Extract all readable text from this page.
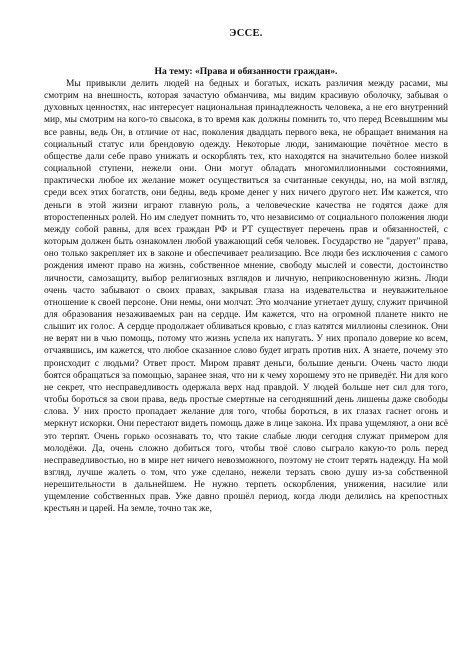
ЭССЕ.
На тему: «Права и обязанности граждан».

Мы привыкли делить людей на бедных и богатых, искать различия между расами, мы смотрим на внешность, которая зачастую обманчива, мы видим красивую оболочку, забывая о духовных ценностях, нас интересует национальная принадлежность человека, а не его внутренний мир, мы смотрим на кого-то свысока, в то время как должны помнить то, что перед Всевышним мы все равны, ведь Он, в отличие от нас, поколения двадцать первого века, не обращает внимания на социальный статус или брендовую одежду. Некоторые люди, занимающие почётное место в обществе дали себе право унижать и оскорблять тех, кто находятся на значительно более низкой социальной ступени, нежели они. Они могут обладать многомиллионными состояниями, практически любое их желание может осуществиться за считанные секунды, но, на мой взгляд, среди всех этих богатств, они бедны, ведь кроме денег у них ничего другого нет. Им кажется, что деньги в этой жизни играют главную роль, а человеческие качества не годятся даже для второстепенных ролей. Но им следует помнить то, что независимо от социального положения люди между собой равны, для всех граждан РФ и РТ существует перечень прав и обязанностей, с которым должен быть ознакомлен любой уважающий себя человек. Государство не "дарует" права, оно только закрепляет их в законе и обеспечивает реализацию. Все люди без исключения с самого рождения имеют право на жизнь, собственное мнение, свободу мыслей и совести, достоинство личности, самозащиту, выбор религиозных взглядов и личную, неприкосновенную жизнь. Люди очень часто забывают о своих правах, закрывая глаза на издевательства и неуважительное отношение к своей персоне. Они немы, они молчат. Это молчание угнетает душу, служит причиной для образования незаживаемых ран на сердце. Им кажется, что на огромной планете никто не слышит их голос. А сердце продолжает обливаться кровью, с глаз катятся миллионы слезинок. Они не верят ни в чью помощь, потому что жизнь успела их напугать. У них пропало доверие ко всем, отчаявшись, им кажется, что любое сказанное слово будет играть против них. А знаете, почему это происходит с людьми? Ответ прост. Миром правят деньги, большие деньги. Очень часто люди боятся обращаться за помощью, заранее зная, что ни к чему хорошему это не приведёт. Ни для кого не секрет, что несправедливость одержала верх над правдой. У людей больше нет сил для того, чтобы бороться за свои права, ведь простые смертные на сегодняшний день лишены даже свободы слова. У них просто пропадает желание для того, чтобы бороться, в их глазах гаснет огонь и меркнут искорки. Они перестают видеть помощь даже в лице закона. Их права ущемляют, а они всё это терпят. Очень горько осознавать то, что такие слабые люди сегодня служат примером для молодёжи. Да, очень сложно добиться того, чтобы твоё слово сыграло какую-то роль перед несправедливостью, но в мире нет ничего невозможного, поэтому не стоит терять надежду. На мой взгляд, лучше жалеть о том, что уже сделано, нежели терзать свою душу из-за собственной нерешительности в дальнейшем. Не нужно терпеть оскорбления, унижения, насилие или ущемление собственных прав. Уже давно прошёл период, когда люди делились на крепостных крестьян и царей. На земле, точно так же,
